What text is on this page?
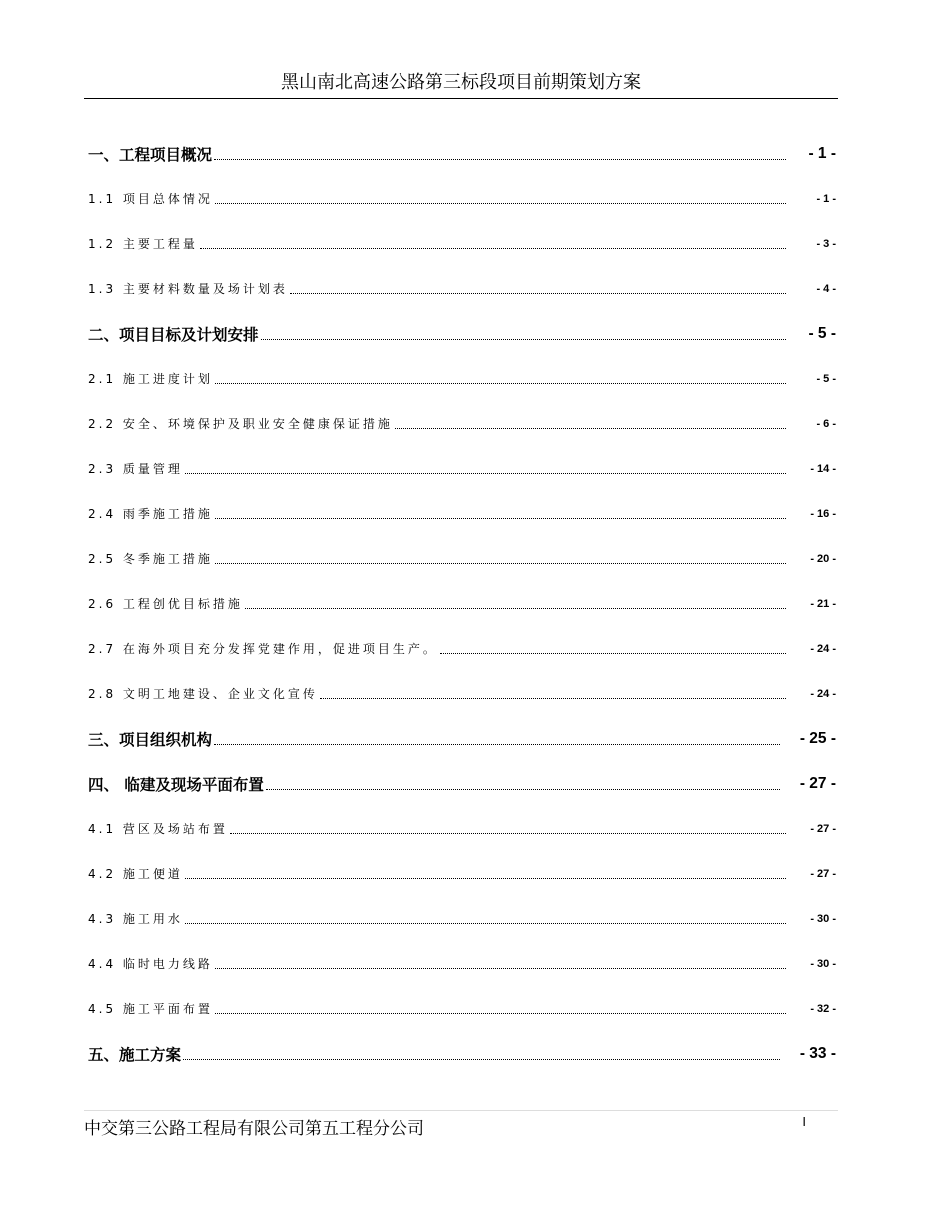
黑山南北高速公路第三标段项目前期策划方案
一、工程项目概况	- 1 -
1.1 项目总体情况	- 1 -
1.2 主要工程量	- 3 -
1.3 主要材料数量及场计划表	- 4 -
二、项目目标及计划安排	- 5 -
2.1 施工进度计划	- 5 -
2.2 安全、环境保护及职业安全健康保证措施	- 6 -
2.3 质量管理	- 14 -
2.4 雨季施工措施	- 16 -
2.5 冬季施工措施	- 20 -
2.6 工程创优目标措施	- 21 -
2.7 在海外项目充分发挥党建作用，促进项目生产。	- 24 -
2.8 文明工地建设、企业文化宣传	- 24 -
三、项目组织机构	- 25 -
四、 临建及现场平面布置	- 27 -
4.1 营区及场站布置	- 27 -
4.2 施工便道	- 27 -
4.3 施工用水	- 30 -
4.4 临时电力线路	- 30 -
4.5 施工平面布置	- 32 -
五、施工方案	- 33 -
中交第三公路工程局有限公司第五工程分公司	I
